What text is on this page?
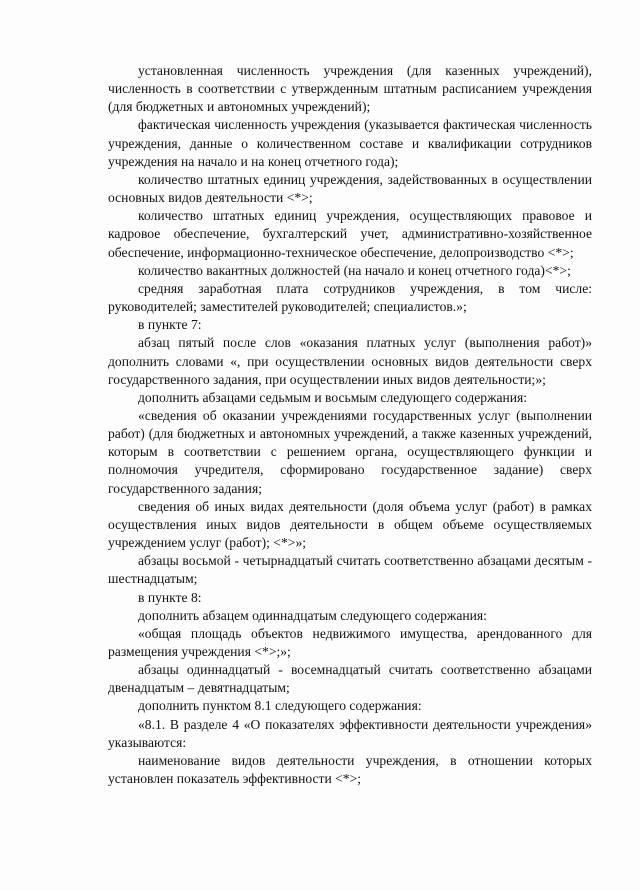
установленная численность учреждения (для казенных учреждений), численность в соответствии с утвержденным штатным расписанием учреждения (для бюджетных и автономных учреждений);

фактическая численность учреждения (указывается фактическая численность учреждения, данные о количественном составе и квалификации сотрудников учреждения на начало и на конец отчетного года);

количество штатных единиц учреждения, задействованных в осуществлении основных видов деятельности <*>;

количество штатных единиц учреждения, осуществляющих правовое и кадровое обеспечение, бухгалтерский учет, административно-хозяйственное обеспечение, информационно-техническое обеспечение, делопроизводство <*>;

количество вакантных должностей (на начало и конец отчетного года)<*>;

средняя заработная плата сотрудников учреждения, в том числе: руководителей; заместителей руководителей; специалистов.»;

в пункте 7:

абзац пятый после слов «оказания платных услуг (выполнения работ)» дополнить словами «, при осуществлении основных видов деятельности сверх государственного задания, при осуществлении иных видов деятельности;»;

дополнить абзацами седьмым и восьмым следующего содержания:

«сведения об оказании учреждениями государственных услуг (выполнении работ) (для бюджетных и автономных учреждений, а также казенных учреждений, которым в соответствии с решением органа, осуществляющего функции и полномочия учредителя, сформировано государственное задание) сверх государственного задания;

сведения об иных видах деятельности (доля объема услуг (работ) в рамках осуществления иных видов деятельности в общем объеме осуществляемых учреждением услуг (работ); <*>»;

абзацы восьмой - четырнадцатый считать соответственно абзацами десятым - шестнадцатым;

в пункте 8:

дополнить абзацем одиннадцатым следующего содержания:

«общая площадь объектов недвижимого имущества, арендованного для размещения учреждения <*>;»;

абзацы одиннадцатый - восемнадцатый считать соответственно абзацами двенадцатым – девятнадцатым;

дополнить пунктом 8.1 следующего содержания:

«8.1. В разделе 4 «О показателях эффективности деятельности учреждения» указываются:

наименование видов деятельности учреждения, в отношении которых установлен показатель эффективности <*>;
